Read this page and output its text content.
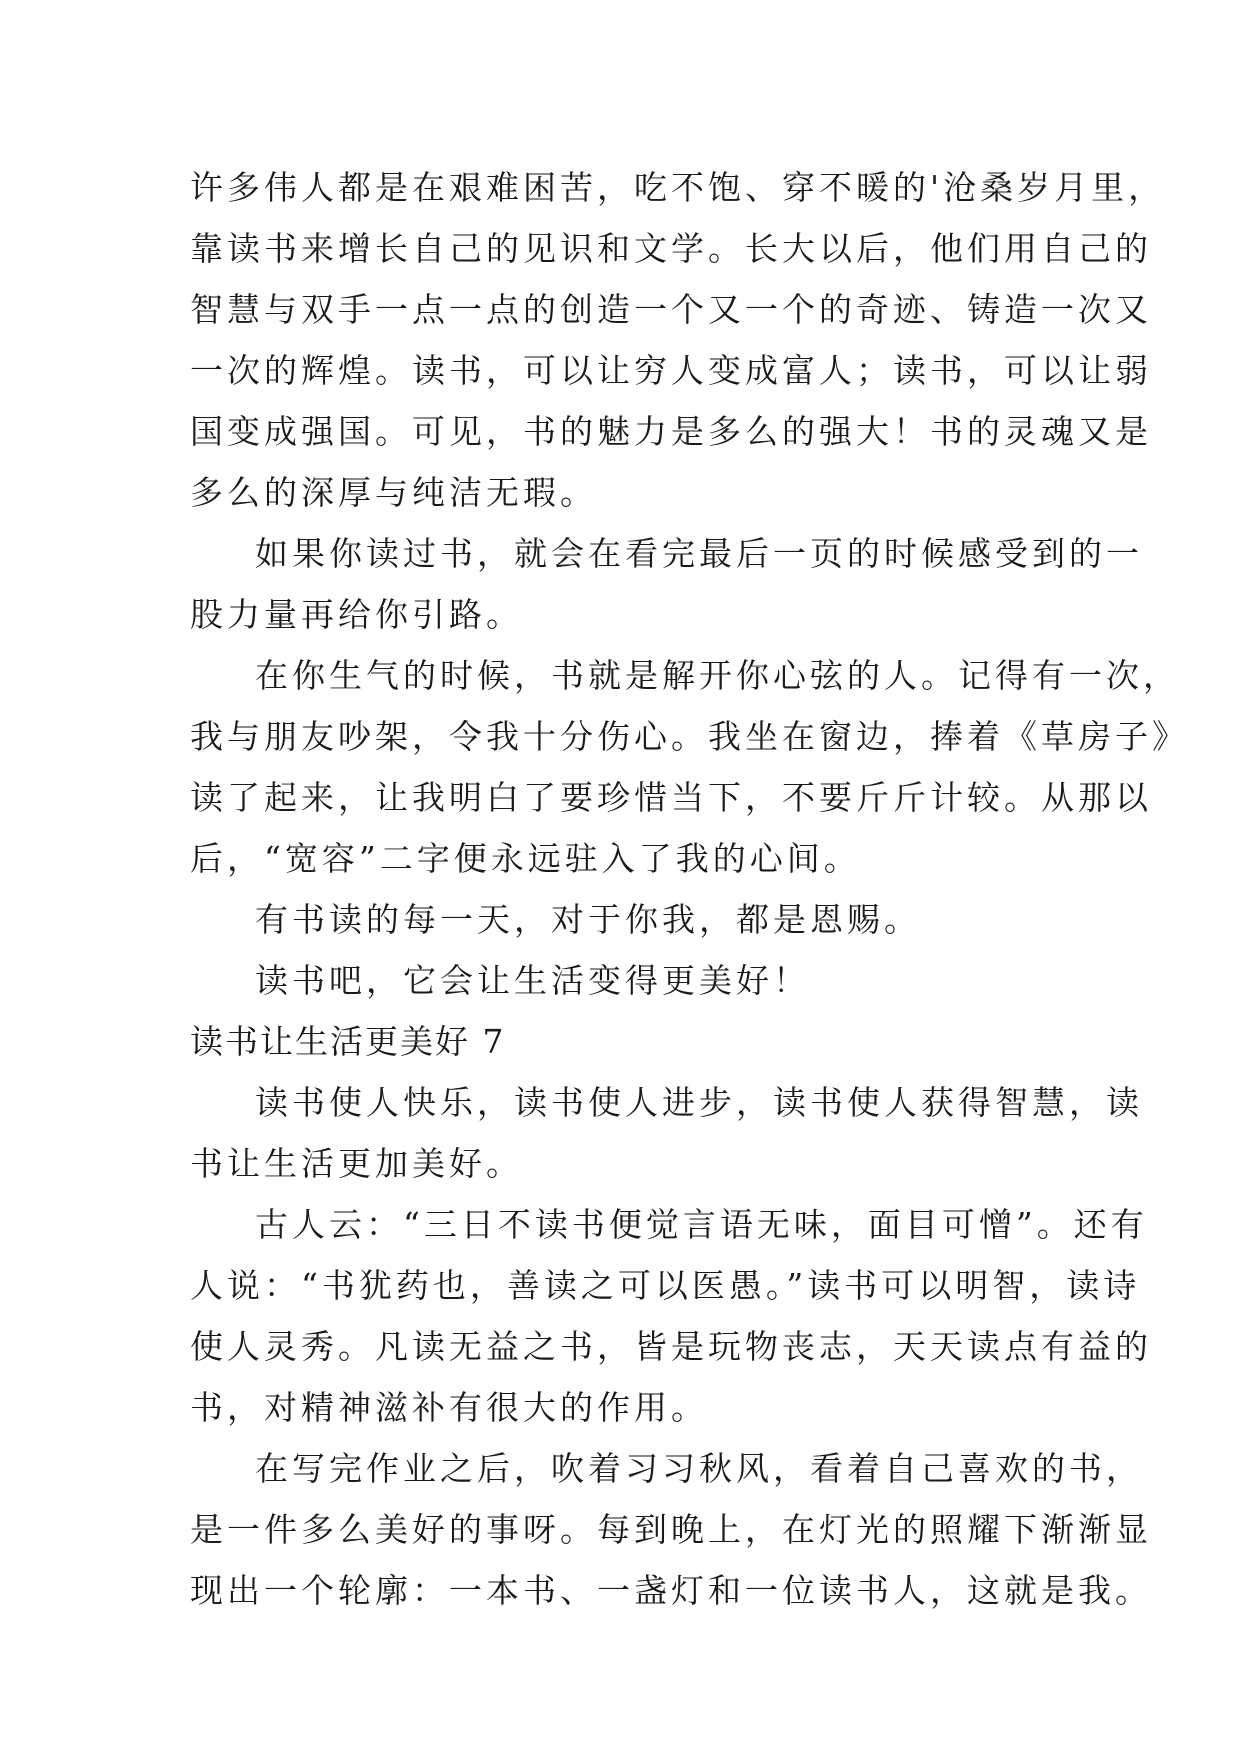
许多伟人都是在艰难困苦，吃不饱、穿不暖的'沧桑岁月里，
靠读书来增长自己的见识和文学。长大以后，他们用自己的
智慧与双手一点一点的创造一个又一个的奇迹、铸造一次又
一次的辉煌。读书，可以让穷人变成富人；读书，可以让弱
国变成强国。可见，书的魅力是多么的强大！书的灵魂又是
多么的深厚与纯洁无瑕。
如果你读过书，就会在看完最后一页的时候感受到的一
股力量再给你引路。
在你生气的时候，书就是解开你心弦的人。记得有一次，
我与朋友吵架，令我十分伤心。我坐在窗边，捧着《草房子》
读了起来，让我明白了要珍惜当下，不要斤斤计较。从那以
后，“宽容”二字便永远驻入了我的心间。
有书读的每一天，对于你我，都是恩赐。
读书吧，它会让生活变得更美好！
读书让生活更美好 7
读书使人快乐，读书使人进步，读书使人获得智慧，读
书让生活更加美好。
古人云：“三日不读书便觉言语无味，面目可憎”。还有
人说：“书犹药也，善读之可以医愚。”读书可以明智，读诗
使人灵秀。凡读无益之书，皆是玩物丧志，天天读点有益的
书，对精神滋补有很大的作用。
在写完作业之后，吹着习习秋风，看着自己喜欢的书，
是一件多么美好的事呀。每到晚上，在灯光的照耀下渐渐显
现出一个轮廓：一本书、一盏灯和一位读书人，这就是我。
